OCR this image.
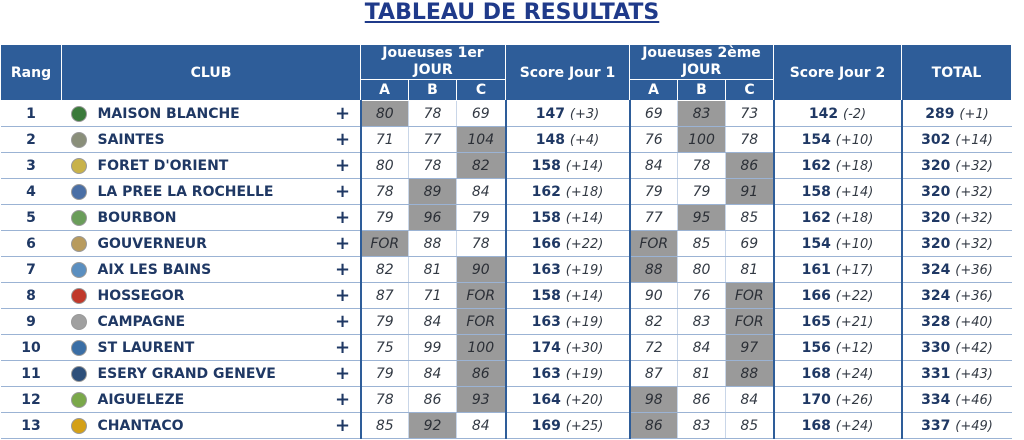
TABLEAU DE RESULTATS
Rang	CLUB			Joueuses 1er JOUR			Score Jour 1	Joueuses 2ème JOUR			Score Jour 2	TOTAL
				A	B	C		A	B	C		
1		MAISON BLANCHE	+	80	78	69	147 (+3)	69	83	73	142 (-2)	289 (+1)
2		SAINTES	+	71	77	104	148 (+4)	76	100	78	154 (+10)	302 (+14)
3		FORET D'ORIENT	+	80	78	82	158 (+14)	84	78	86	162 (+18)	320 (+32)
4		LA PREE LA ROCHELLE	+	78	89	84	162 (+18)	79	79	91	158 (+14)	320 (+32)
5		BOURBON	+	79	96	79	158 (+14)	77	95	85	162 (+18)	320 (+32)
6		GOUVERNEUR	+	FOR	88	78	166 (+22)	FOR	85	69	154 (+10)	320 (+32)
7		AIX LES BAINS	+	82	81	90	163 (+19)	88	80	81	161 (+17)	324 (+36)
8		HOSSEGOR	+	87	71	FOR	158 (+14)	90	76	FOR	166 (+22)	324 (+36)
9		CAMPAGNE	+	79	84	FOR	163 (+19)	82	83	FOR	165 (+21)	328 (+40)
10		ST LAURENT	+	75	99	100	174 (+30)	72	84	97	156 (+12)	330 (+42)
11		ESERY GRAND GENEVE	+	79	84	86	163 (+19)	87	81	88	168 (+24)	331 (+43)
12		AIGUELEZE	+	78	86	93	164 (+20)	98	86	84	170 (+26)	334 (+46)
13		CHANTACO	+	85	92	84	169 (+25)	86	83	85	168 (+24)	337 (+49)
